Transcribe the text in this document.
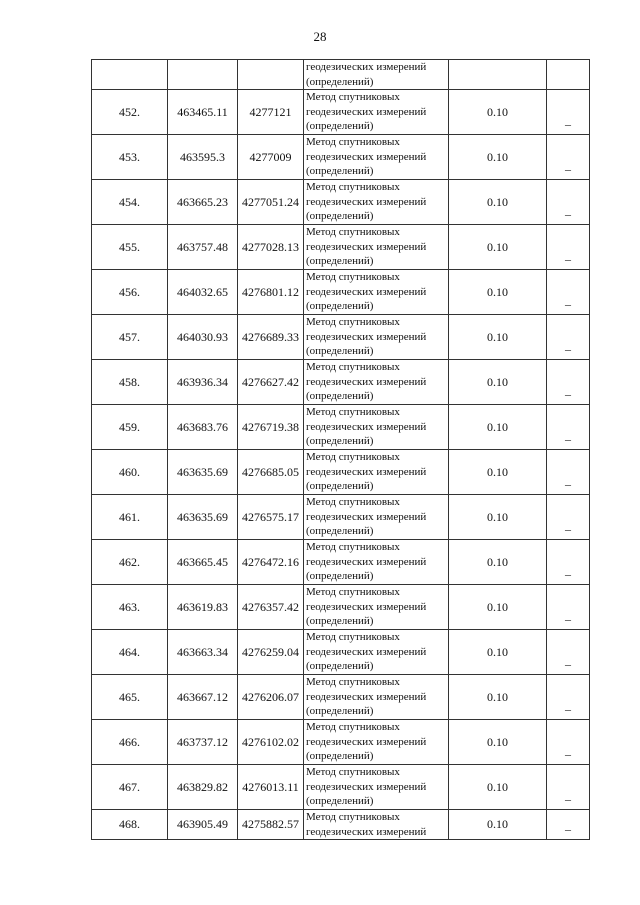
28

			геодезических измерений
(определений)		

452.	463465.11	4277121	Метод спутниковых
геодезических измерений
(определений)	0.10	–
453.	463595.3	4277009	Метод спутниковых
геодезических измерений
(определений)	0.10	–
454.	463665.23	4277051.24	Метод спутниковых
геодезических измерений
(определений)	0.10	–
455.	463757.48	4277028.13	Метод спутниковых
геодезических измерений
(определений)	0.10	–
456.	464032.65	4276801.12	Метод спутниковых
геодезических измерений
(определений)	0.10	–
457.	464030.93	4276689.33	Метод спутниковых
геодезических измерений
(определений)	0.10	–
458.	463936.34	4276627.42	Метод спутниковых
геодезических измерений
(определений)	0.10	–
459.	463683.76	4276719.38	Метод спутниковых
геодезических измерений
(определений)	0.10	–
460.	463635.69	4276685.05	Метод спутниковых
геодезических измерений
(определений)	0.10	–
461.	463635.69	4276575.17	Метод спутниковых
геодезических измерений
(определений)	0.10	–
462.	463665.45	4276472.16	Метод спутниковых
геодезических измерений
(определений)	0.10	–
463.	463619.83	4276357.42	Метод спутниковых
геодезических измерений
(определений)	0.10	–
464.	463663.34	4276259.04	Метод спутниковых
геодезических измерений
(определений)	0.10	–
465.	463667.12	4276206.07	Метод спутниковых
геодезических измерений
(определений)	0.10	–
466.	463737.12	4276102.02	Метод спутниковых
геодезических измерений
(определений)	0.10	–
467.	463829.82	4276013.11	Метод спутниковых
геодезических измерений
(определений)	0.10	–
468.	463905.49	4275882.57	Метод спутниковых
геодезических измерений	0.10	–
